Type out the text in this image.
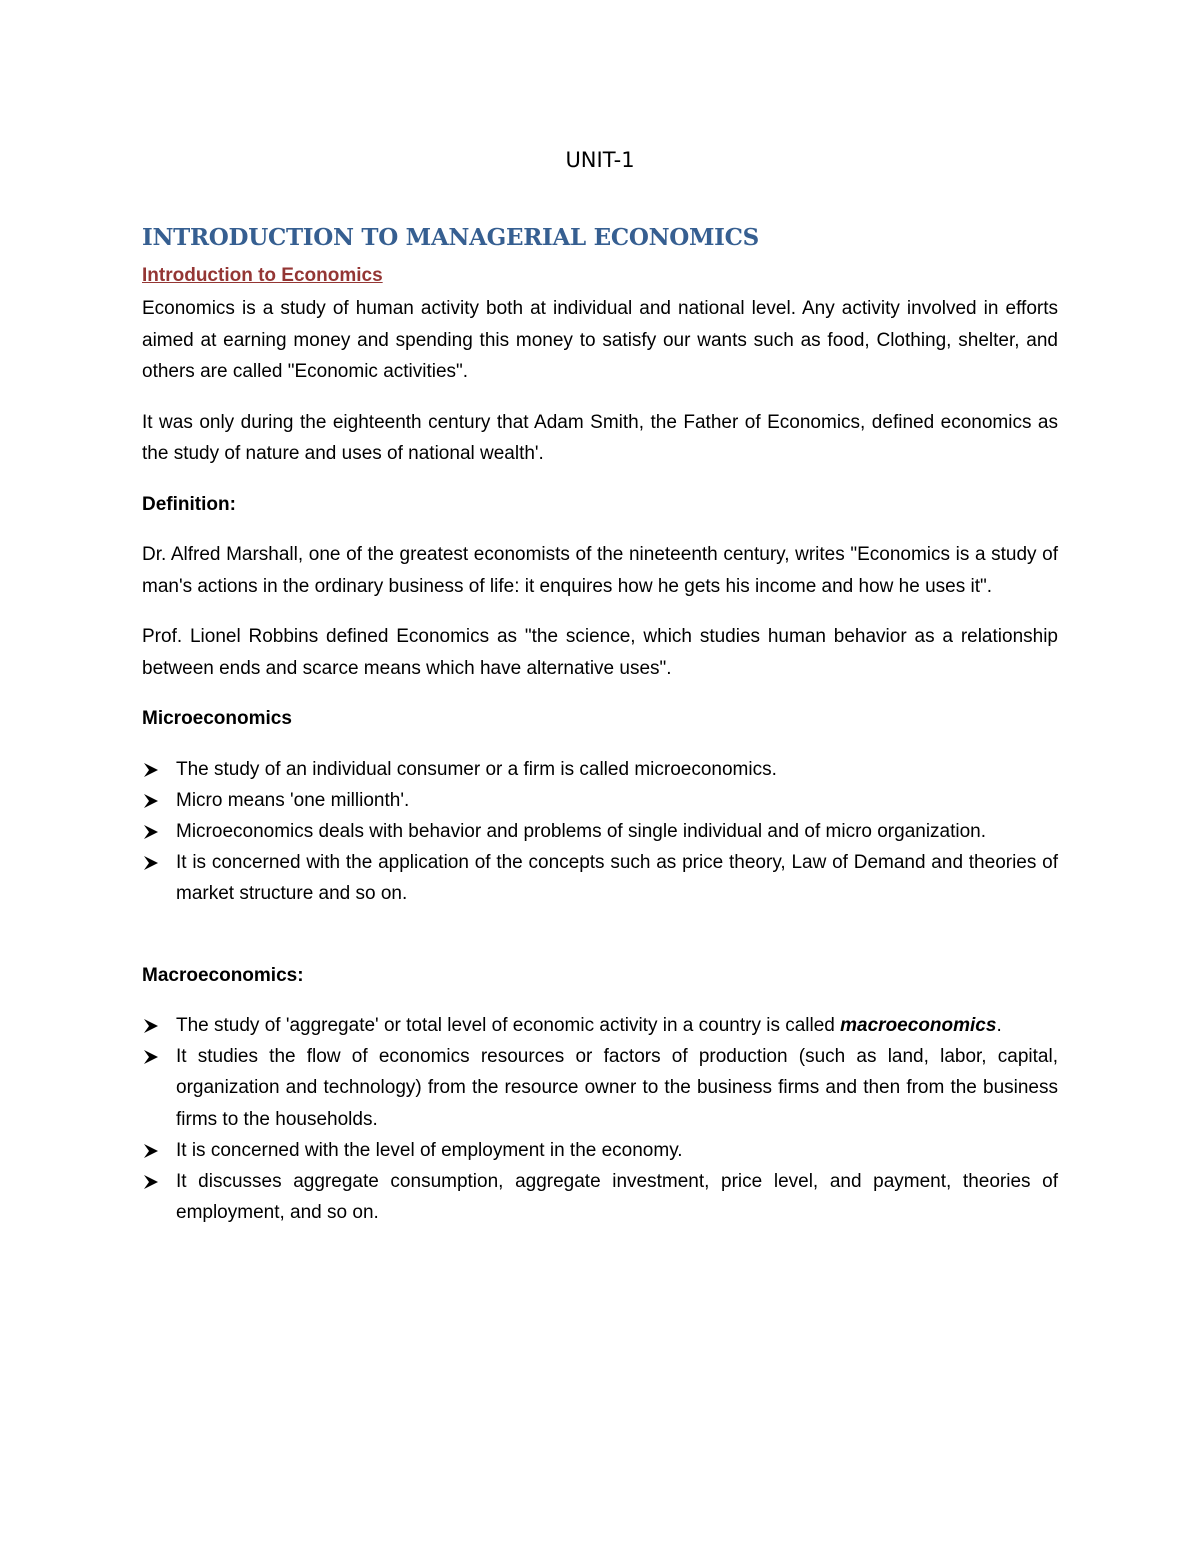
UNIT-1
INTRODUCTION TO MANAGERIAL ECONOMICS
Introduction to Economics

Economics is a study of human activity both at individual and national level. Any activity involved in efforts aimed at earning money and spending this money to satisfy our wants such as food, Clothing, shelter, and others are called "Economic activities".

It was only during the eighteenth century that Adam Smith, the Father of Economics, defined economics as the study of nature and uses of national wealth'.

Definition:

Dr. Alfred Marshall, one of the greatest economists of the nineteenth century, writes "Economics is a study of man's actions in the ordinary business of life: it enquires how he gets his income and how he uses it".

Prof. Lionel Robbins defined Economics as "the science, which studies human behavior as a relationship between ends and scarce means which have alternative uses".

Microeconomics
The study of an individual consumer or a firm is called microeconomics.
Micro means 'one millionth'.
Microeconomics deals with behavior and problems of single individual and of micro organization.
It is concerned with the application of the concepts such as price theory, Law of Demand and theories of market structure and so on.
Macroeconomics:
The study of 'aggregate' or total level of economic activity in a country is called macroeconomics.
It studies the flow of economics resources or factors of production (such as land, labor, capital, organization and technology) from the resource owner to the business firms and then from the business firms to the households.
It is concerned with the level of employment in the economy.
It discusses aggregate consumption, aggregate investment, price level, and payment, theories of employment, and so on.
